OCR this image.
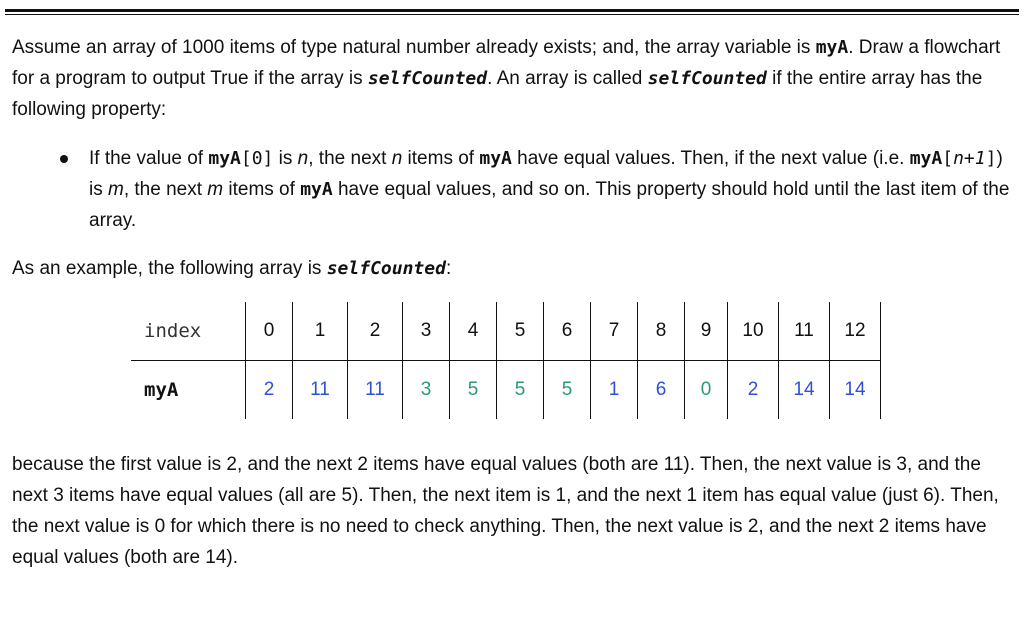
Assume an array of 1000 items of type natural number already exists; and, the array variable is myA. Draw a flowchart for a program to output True if the array is selfCounted. An array is called selfCounted if the entire array has the following property:

If the value of myA[0] is n, the next n items of myA have equal values. Then, if the next value (i.e. myA[n+1]) is m, the next m items of myA have equal values, and so on. This property should hold until the last item of the array.

As an example, the following array is selfCounted:

index	0	1	2	3	4	5	6	7	8	9	10	11	12
myA	2	11	11	3	5	5	5	1	6	0	2	14	14

because the first value is 2, and the next 2 items have equal values (both are 11). Then, the next value is 3, and the next 3 items have equal values (all are 5). Then, the next item is 1, and the next 1 item has equal value (just 6). Then, the next value is 0 for which there is no need to check anything. Then, the next value is 2, and the next 2 items have equal values (both are 14).
